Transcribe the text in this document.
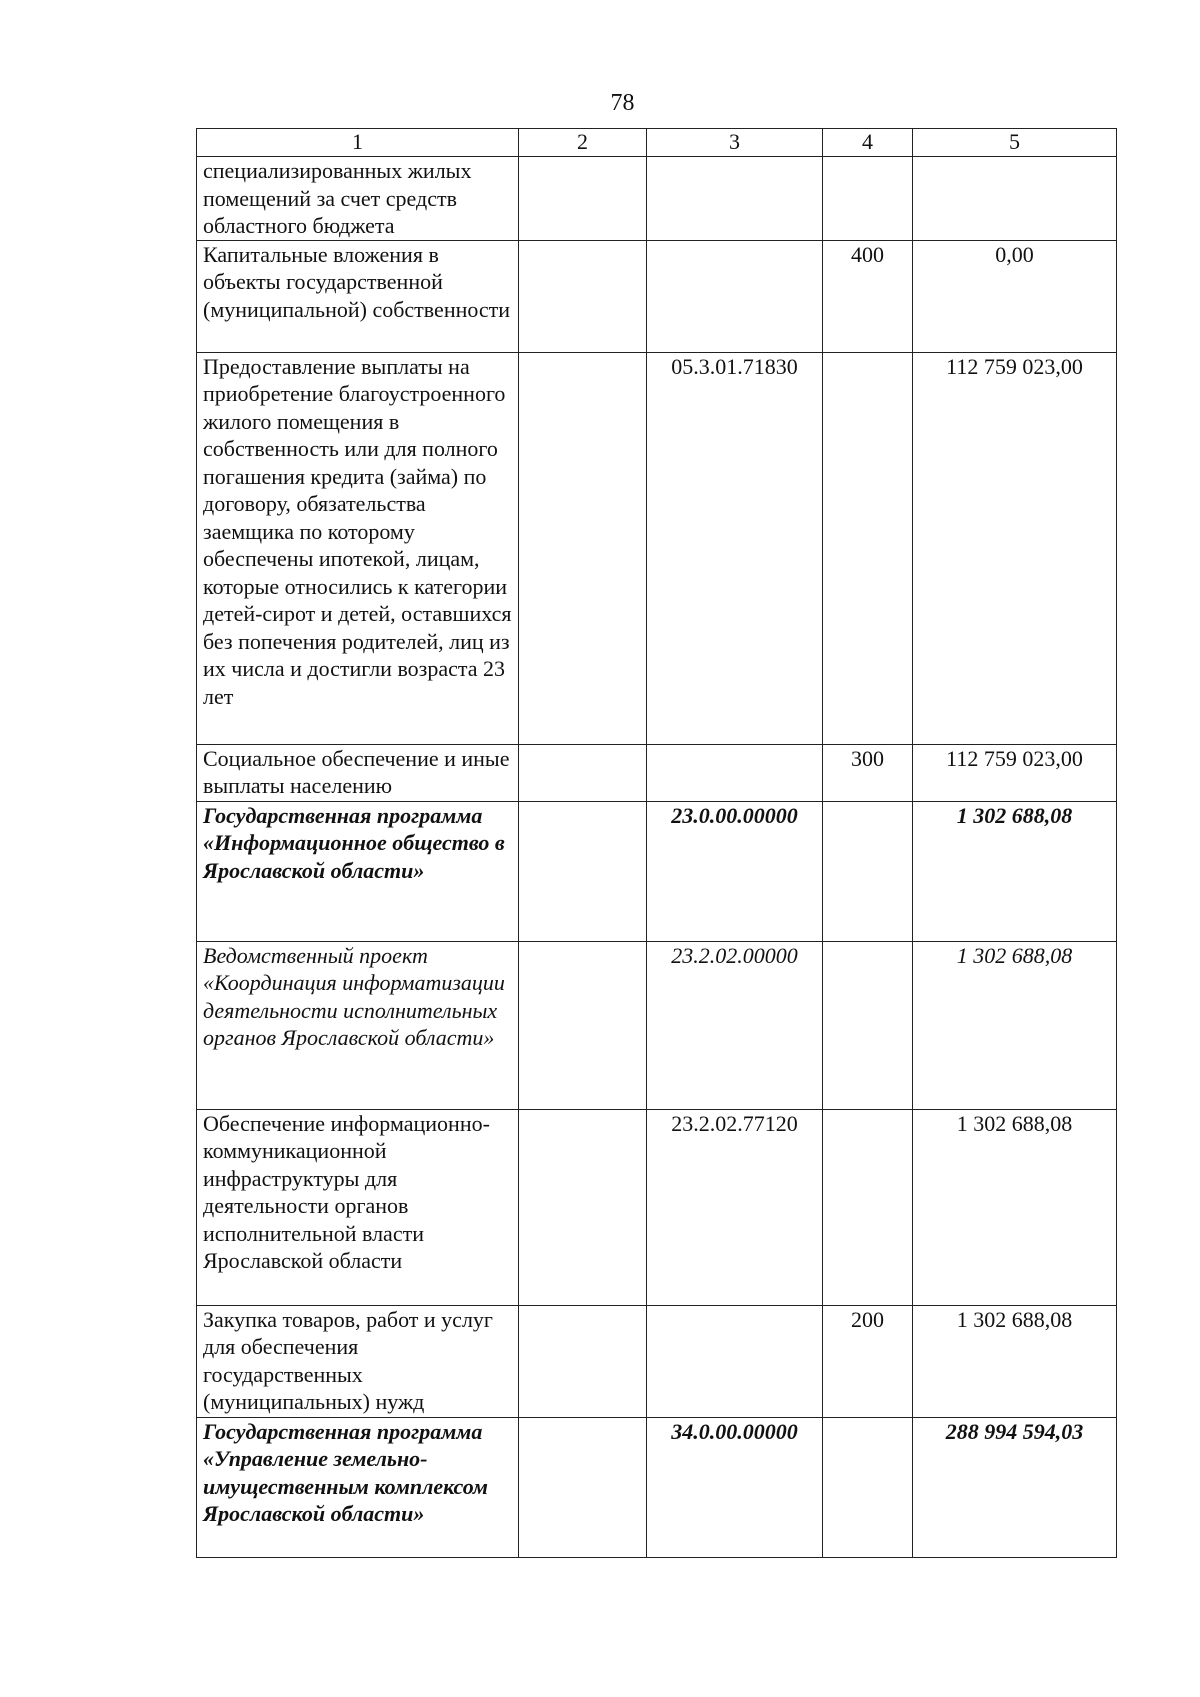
78
1	2	3	4	5
специализированных жилых помещений за счет средств областного бюджета				
Капитальные вложения в объекты государственной (муниципальной) собственности			400	0,00
Предоставление выплаты на приобретение благоустроенного жилого помещения в собственность или для полного погашения кредита (займа) по договору, обязательства заемщика по которому обеспечены ипотекой, лицам, которые относились к категории детей-сирот и детей, оставшихся без попечения родителей, лиц из их числа и достигли возраста 23 лет		05.3.01.71830		112 759 023,00
Социальное обеспечение и иные выплаты населению			300	112 759 023,00
Государственная программа «Информационное общество в Ярославской области»		23.0.00.00000		1 302 688,08
Ведомственный проект «Координация информатизации деятельности исполнительных органов Ярославской области»		23.2.02.00000		1 302 688,08
Обеспечение информационно-коммуникационной инфраструктуры для деятельности органов исполнительной власти Ярославской области		23.2.02.77120		1 302 688,08
Закупка товаров, работ и услуг для обеспечения государственных (муниципальных) нужд			200	1 302 688,08
Государственная программа «Управление земельно-имущественным комплексом Ярославской области»		34.0.00.00000		288 994 594,03
